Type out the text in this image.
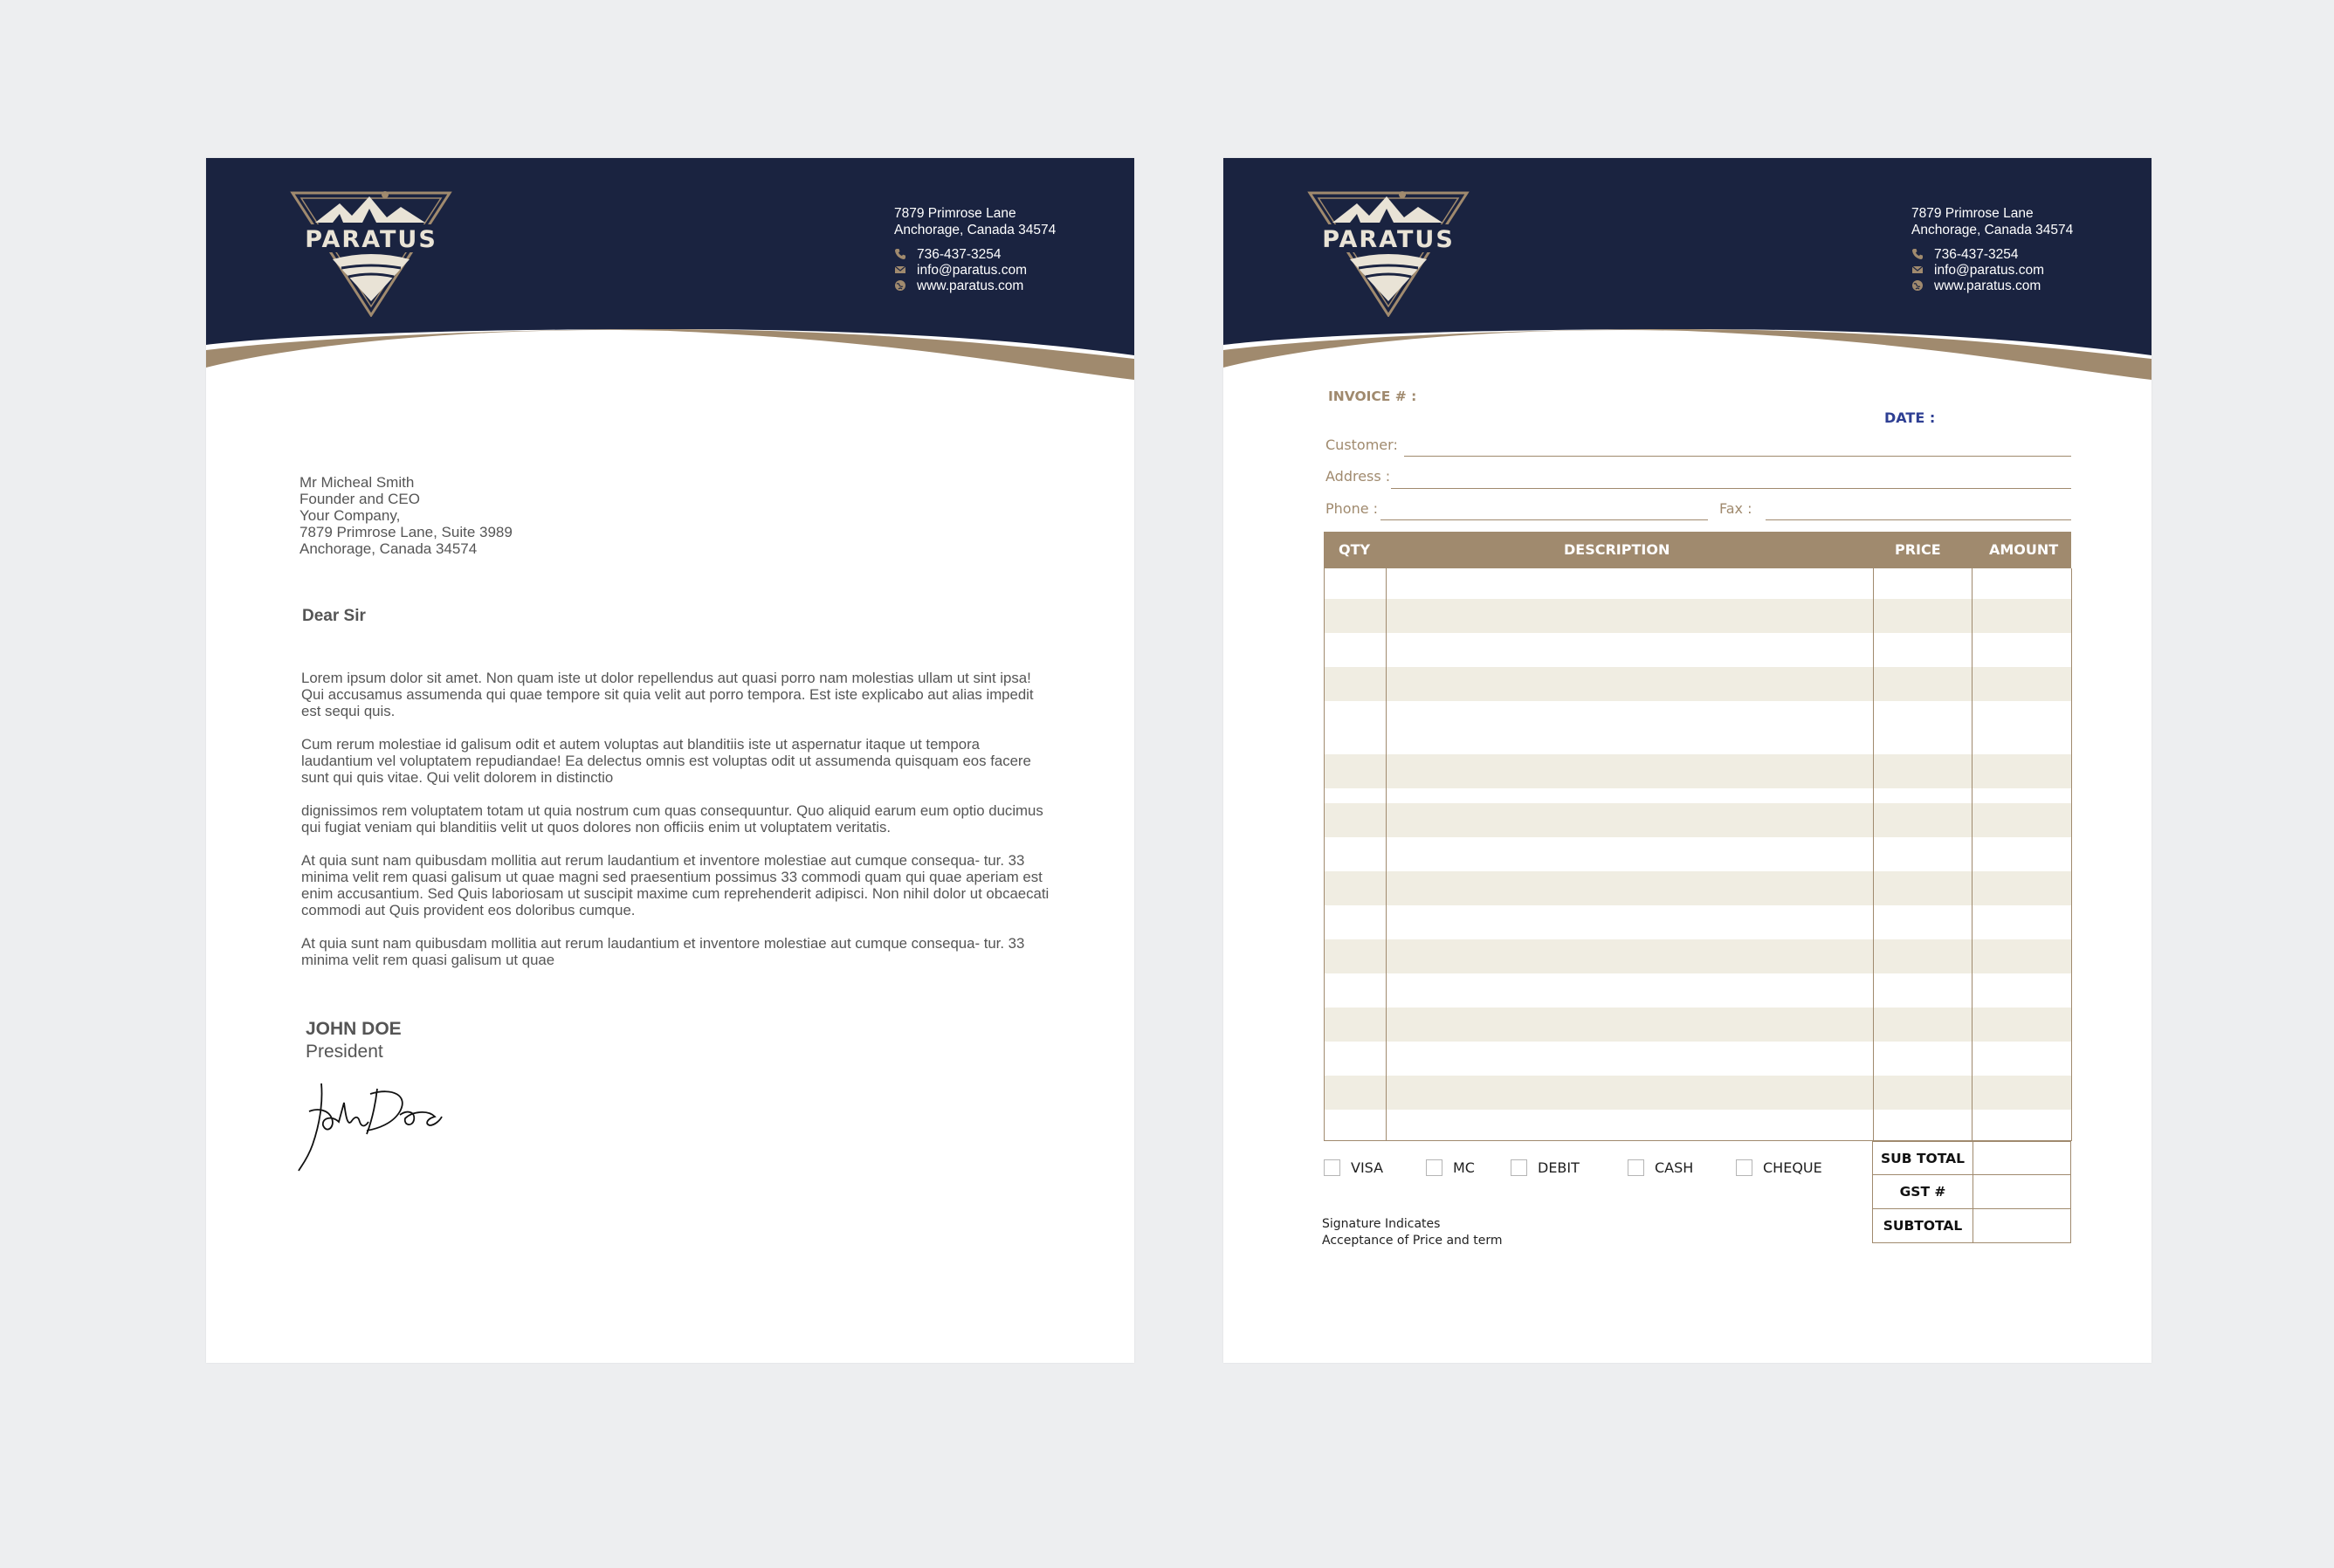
PARATUS
7879 Primrose Lane
Anchorage, Canada 34574
736-437-3254
info@paratus.com
www.paratus.com
Mr Micheal Smith
Founder and CEO
Your Company,
7879 Primrose Lane, Suite 3989
Anchorage, Canada 34574
Dear Sir

Lorem ipsum dolor sit amet. Non quam iste ut dolor repellendus aut quasi porro nam molestias ullam ut sint ipsa! Qui accusamus assumenda qui quae tempore sit quia velit aut porro tempora. Est iste explicabo aut alias impedit est sequi quis.

Cum rerum molestiae id galisum odit et autem voluptas aut blanditiis iste ut aspernatur itaque ut tempora laudantium vel voluptatem repudiandae! Ea delectus omnis est voluptas odit ut assumenda quisquam eos facere sunt qui quis vitae. Qui velit dolorem in distinctio

dignissimos rem voluptatem totam ut quia nostrum cum quas consequuntur. Quo aliquid earum eum optio ducimus qui fugiat veniam qui blanditiis velit ut quos dolores non officiis enim ut voluptatem veritatis.

At quia sunt nam quibusdam mollitia aut rerum laudantium et inventore molestiae aut cumque consequa- tur. 33 minima velit rem quasi galisum ut quae magni sed praesentium possimus 33 commodi quam qui quae aperiam est enim accusantium. Sed Quis laboriosam ut suscipit maxime cum reprehenderit adipisci. Non nihil dolor ut obcaecati commodi aut Quis provident eos doloribus cumque.

At quia sunt nam quibusdam mollitia aut rerum laudantium et inventore molestiae aut cumque consequa- tur. 33 minima velit rem quasi galisum ut quae

JOHN DOE
President
PARATUS
7879 Primrose Lane
Anchorage, Canada 34574
736-437-3254
info@paratus.com
www.paratus.com
INVOICE # :
DATE :
Customer:
Address :
Phone :	Fax :
QTY	DESCRIPTION	PRICE	AMOUNT
VISA	MC	DEBIT	CASH	CHEQUE
SUB TOTAL
GST #
SUBTOTAL
Signature Indicates
Acceptance of Price and term
